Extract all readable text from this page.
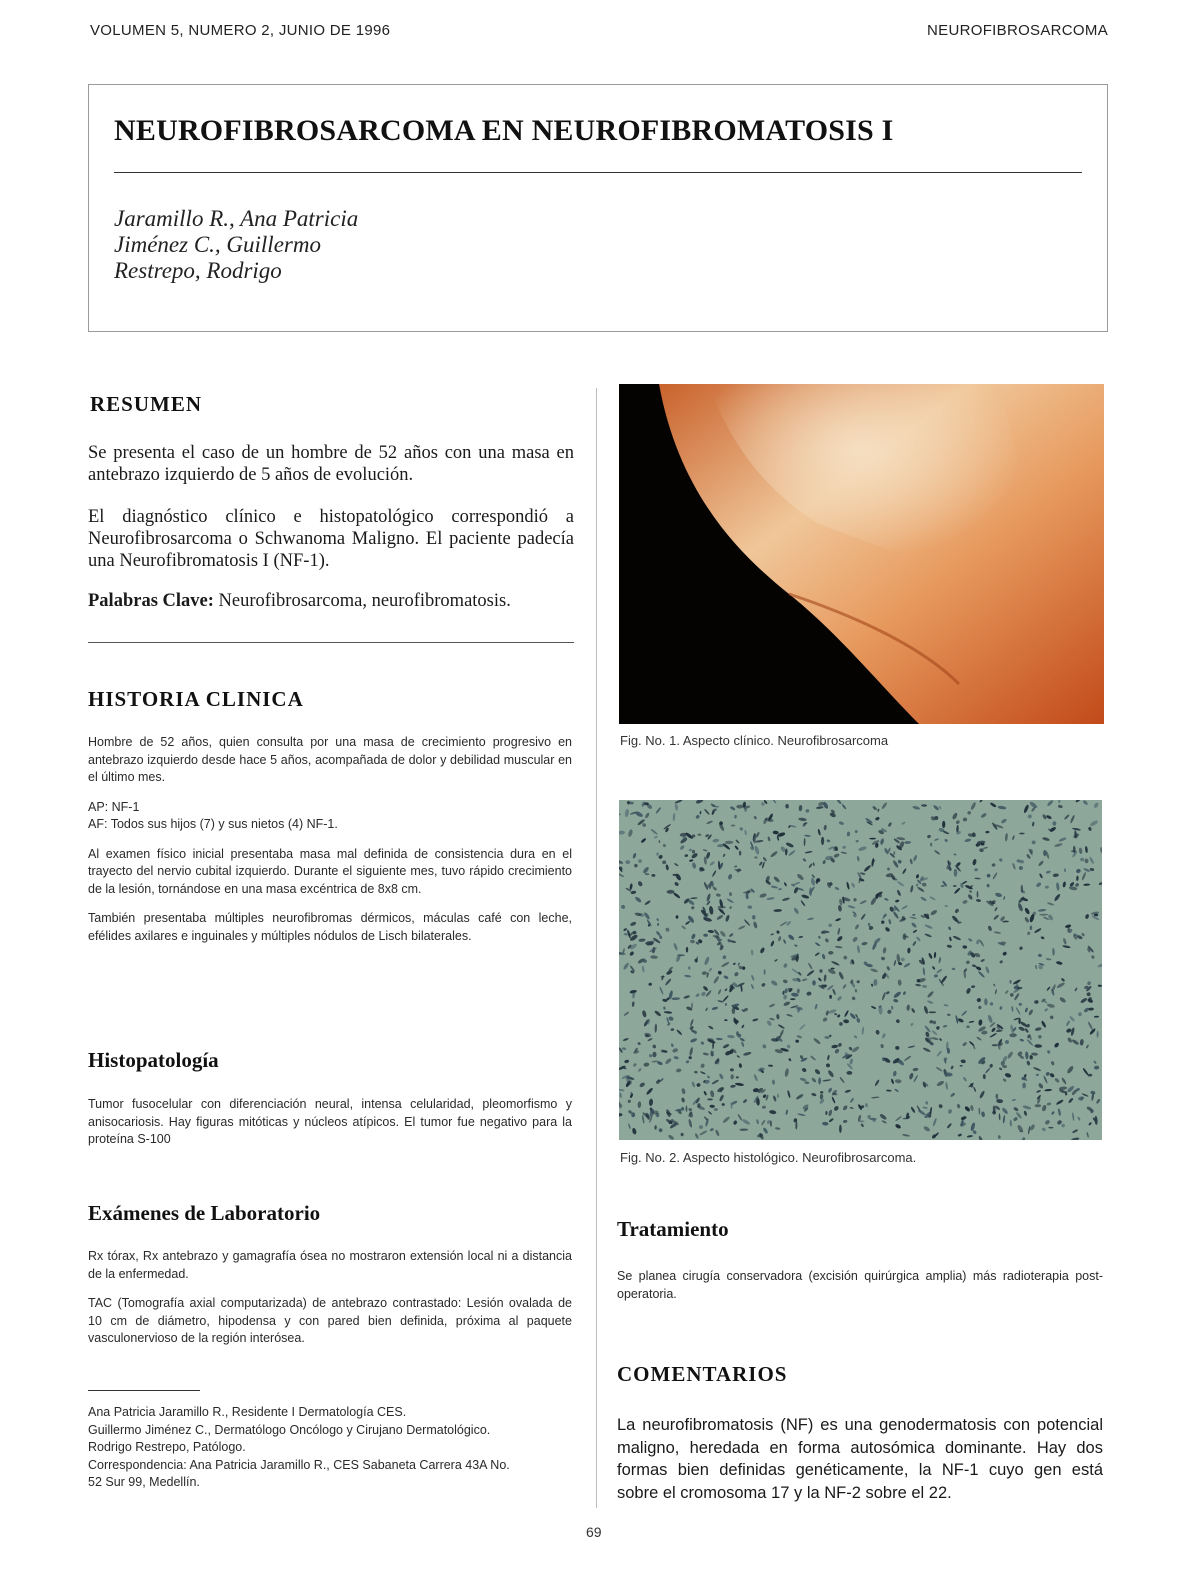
VOLUMEN 5, NUMERO 2, JUNIO DE 1996	NEUROFIBROSARCOMA
NEUROFIBROSARCOMA EN NEUROFIBROMATOSIS I
Jaramillo R., Ana Patricia
Jiménez C., Guillermo
Restrepo, Rodrigo
RESUMEN
Se presenta el caso de un hombre de 52 años con una masa en antebrazo izquierdo de 5 años de evolución.
El diagnóstico clínico e histopatológico correspondió a Neurofibrosarcoma o Schwanoma Maligno. El paciente padecía una Neurofibromatosis I (NF-1).
Palabras Clave: Neurofibrosarcoma, neurofibromatosis.
HISTORIA CLINICA

Hombre de 52 años, quien consulta por una masa de crecimiento progresivo en antebrazo izquierdo desde hace 5 años, acompañada de dolor y debilidad muscular en el último mes.

AP: NF-1

AF: Todos sus hijos (7) y sus nietos (4) NF-1.

Al examen físico inicial presentaba masa mal definida de consistencia dura en el trayecto del nervio cubital izquierdo. Durante el siguiente mes, tuvo rápido crecimiento de la lesión, tornándose en una masa excéntrica de 8x8 cm.

También presentaba múltiples neurofibromas dérmicos, máculas café con leche, efélides axilares e inguinales y múltiples nódulos de Lisch bilaterales.

Histopatología

Tumor fusocelular con diferenciación neural, intensa celularidad, pleomorfismo y anisocariosis. Hay figuras mitóticas y núcleos atípicos. El tumor fue negativo para la proteína S-100

Exámenes de Laboratorio

Rx tórax, Rx antebrazo y gamagrafía ósea no mostraron extensión local ni a distancia de la enfermedad.

TAC (Tomografía axial computarizada) de antebrazo contrastado: Lesión ovalada de 10 cm de diámetro, hipodensa y con pared bien definida, próxima al paquete vasculonervioso de la región interósea.

Ana Patricia Jaramillo R., Residente I Dermatología CES.
Guillermo Jiménez C., Dermatólogo Oncólogo y Cirujano Dermatológico.
Rodrigo Restrepo, Patólogo.
Correspondencia: Ana Patricia Jaramillo R., CES Sabaneta Carrera 43A No.
52 Sur 99, Medellín.
Fig. No. 1. Aspecto clínico. Neurofibrosarcoma
Fig. No. 2. Aspecto histológico. Neurofibrosarcoma.
Tratamiento

Se planea cirugía conservadora (excisión quirúrgica amplia) más radioterapia post-operatoria.

COMENTARIOS
La neurofibromatosis (NF) es una genodermatosis con potencial maligno, heredada en forma autosómica dominante. Hay dos formas bien definidas genéticamente, la NF-1 cuyo gen está sobre el cromosoma 17 y la NF-2 sobre el 22.
69
